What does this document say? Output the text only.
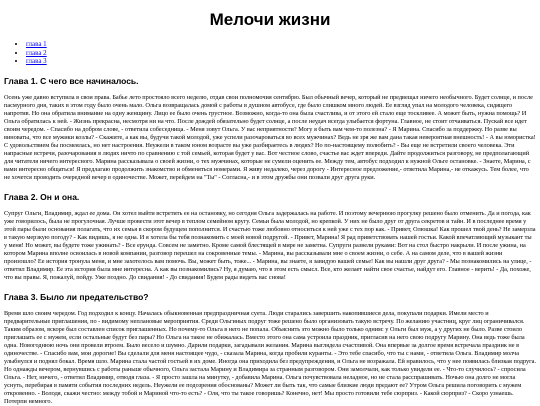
Мелочи жизни
• глава 1
• глава 2
• глава 3
Глава 1. С чего все начиналось.

Осень уже давно вступила в свои права. Бабье лето простояло всего неделю, отдав свои полномочия сентябрю. Был обычный вечер, который не предвещал ничего необычного. Будет солнце, и после пасмурного дня, таких в этом году было очень мало. Ольга возвращалась домой с работы в душном автобусе, где было слишком много людей. Ее взгляд упал на молодого человека, сидящего напротив. Но она обратила внимание на одну женщину. Лицо ее было очень грустное. Возможно, когда-то она была счастлива, и от этого ей стало еще тоскливее. А может быть, нужна помощь? И Ольга обратилась к ней. - Жизнь прекрасна, несмотря ни на что. После дождей обязательно будет солнце, а после неудач всегда улыбается фортуна. Главное, не стоит отчаиваться. Пускай все идет своим чередом. - Спасибо на добром слове, - ответила собеседница. - Меня зовут Ольга. У вас неприятности? Могу я быть вам чем-то полезна? - Я Марина. Спасибо за поддержку. Но разве вы виноваты, что все мужики козлы? - Скажите, а как вы, будучи такой молодой, уже успели разочароваться во всех мужчинах? Ведь не зря же вам дана такая невероятная внешность! - А вы юмористка! С удовольствием бы посмеялась, но нет настроения. Неужели в таком юном возрасте вы уже разбираетесь в людях? Но по-настоящему полюбить? - Вы еще не встретили своего человека. Эти напрасные встречи, разочарования в людях ничто по сравнению с той семьей, которая будет у вас. Вот честное слово, счастье вас ждет впереди. Дайте продолжиться разговору, не предполагающий для читателя ничего интересного. Марина рассказывала о своей жизни, о тех мужчинах, которые не сумели оценить ее. Между тем, автобус подходил к нужной Ольге остановке. - Знаете, Марина, с вами интересно общаться! Я предлагаю продолжить знакомство и обменяться номерами. Я живу недалеко, через дорогу - Интересное предложение,- ответила Марина,- не откажусь. Тем более, что не хочется проводить очередной вечер в одиночестве. Может, перейдем на "Ты" - Согласна,- и в этом дружбы они позвали друг друга руки.

Глава 2. Он и она.

Супруг Ольги, Владимир, ждал ее дома. Он хотел выйти встретить ее на остановку, но сегодня Ольга задержалась на работе. И поэтому вечернюю прогулку решено было отменить. Да и погода, как уже говорилось, была не прогулочная. Лучше провести этот вечер в теплом семейном кругу. Семьи была молодой, но крепкой. У них не было друг от друга секретов и тайн. И в последнее время у этой пары были основания полагать, что их семья в скором будущем пополнится. И счастью тоже любовно относиться к ней уже с тех пор как. - Привет, Олюшка! Как прошел твой день? Не замерзла в такую мерзкую погоду? - Как видишь, я не одна. И я хотела бы тебя познакомить с моей новой подругой. - Привет, Марина! Я рад приветствовать нашей гостьи. Какой впечатляющий музыкант ты у меня! Но может, вы будете тоже ужинать? - Все ерунда. Совсем не заметно. Кроме самой блестящей в мире не заметна. Супруги развели руками: Вот на стол быстро накрыли. И после ужина, на котором Марина вполне освоилась в новой компании, разговор перешел на сокровенные темы. - Марина, вы рассказывали мне о своем жизни, о себе. А на самом деле, что в вашей жизни произошло? Ее история тронула меня, и мне захотелось вам помочь. Вы, может быть, тоже... - Марина, вы знаете, я завидую вашей семье! Как вы нашли друг друга? - Мы познакомились на улице, - ответил Владимир. Ее эта история была мне интересна. А как вы познакомились? Ну, я думаю, что в этом есть смысл. Все, кто желает найти свое счастье, найдут его. Главное - верить! - Да, похоже, что вы правы. Я, пожалуй, пойду. Уже поздно. До свидания! - До свидания! Будем рады видеть вас снова!

Глава 3. Было ли предательство?

Время шло своим чередом. Год подходил к концу. Началась обыкновенная предпраздничная суета. Люди старались завершить накопившиеся дела, покупали подарки. Имели место и предварительные приглашения, по - видимому неплановые мероприятия. Среди Ольгиных подруг тоже решено было организовать такую встречу. По желанию участниц, круг лиц ограничивался. Таким образом, вскоре был составлен список приглашенных. Но почему-то Ольга в него не попала. Объяснить это можно было только одним: у Ольги был муж, а у других не было. Разве стоило приглашать ее с мужем, если остальные будут без пары? Но Ольга на такое не обижалась. Вместо этого она сама устроила праздник, пригласив на него свою подругу Марину. Она ведь тоже была одна. Новогоднюю ночь они провели втроем. Было весело и шумно. Дарили подарки, загадывали желания. Марина выглядела счастливой. Она впервые за долгое время встречала праздник не в одиночестве. - Спасибо вам, мои дорогие! Вы сделали для меня настоящее чудо, - сказала Марина, когда пробили куранты. - Это тебе спасибо, что ты с нами, - ответила Ольга. Владимир молча улыбнулся и поднял бокал. Время шло. Марина стала частой гостьей в их доме. Иногда она приходила без предупреждения, и Ольга не возражала. Ей нравилось, что у нее появилась близкая подруга. Но однажды вечером, вернувшись с работы раньше обычного, Ольга застала Марину и Владимира за странным разговором. Они замолчали, как только увидели ее. - Что-то случилось? - спросила Ольга. - Нет, ничего, - ответил Владимир, отводя глаза. - Я просто зашла на минутку, - добавила Марина. Ольга почувствовала неладное, но не стала расспрашивать. Ночью она долго не могла уснуть, перебирая в памяти события последних недель. Неужели ее подозрения обоснованы? Может ли быть так, что самые близкие люди предают ее? Утром Ольга решила поговорить с мужем откровенно. - Володя, скажи честно: между тобой и Мариной что-то есть? - Оля, что ты такое говоришь? Конечно, нет! Мы просто готовили тебе сюрприз. - Какой сюрприз? - Скоро узнаешь. Потерпи немного.
